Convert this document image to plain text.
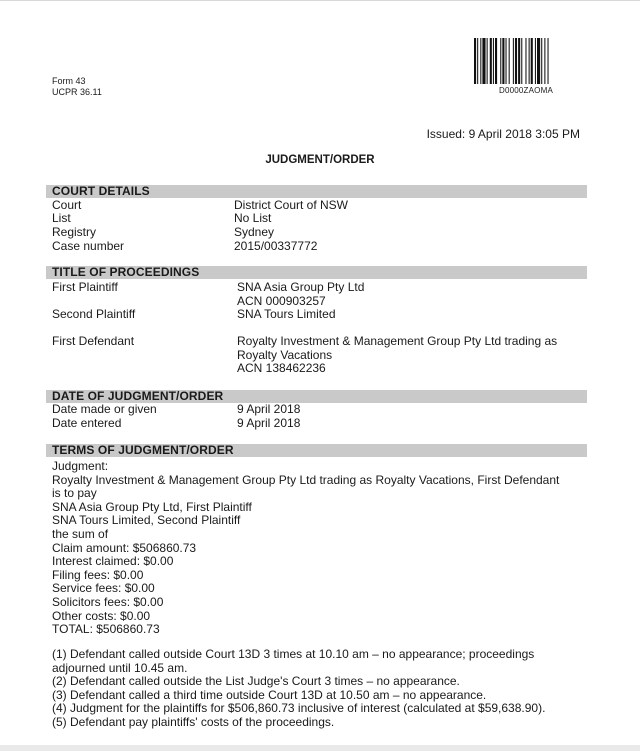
Form 43
UCPR 36.11	D0000ZAOMA
Issued: 9 April 2018 3:05 PM
JUDGMENT/ORDER
COURT DETAILS
Court	District Court of NSW
List	No List
Registry	Sydney
Case number	2015/00337772
TITLE OF PROCEEDINGS
First Plaintiff	SNA Asia Group Pty Ltd
ACN 000903257
Second Plaintiff	SNA Tours Limited
First Defendant	Royalty Investment & Management Group Pty Ltd trading as
Royalty Vacations
ACN 138462236
DATE OF JUDGMENT/ORDER
Date made or given	9 April 2018
Date entered	9 April 2018
TERMS OF JUDGMENT/ORDER
Judgment:
Royalty Investment & Management Group Pty Ltd trading as Royalty Vacations, First Defendant
is to pay
SNA Asia Group Pty Ltd, First Plaintiff
SNA Tours Limited, Second Plaintiff
the sum of
Claim amount: $506860.73
Interest claimed: $0.00
Filing fees: $0.00
Service fees: $0.00
Solicitors fees: $0.00
Other costs: $0.00
TOTAL: $506860.73
(1) Defendant called outside Court 13D 3 times at 10.10 am – no appearance; proceedings adjourned until 10.45 am.
(2) Defendant called outside the List Judge's Court 3 times – no appearance.
(3) Defendant called a third time outside Court 13D at 10.50 am – no appearance.
(4) Judgment for the plaintiffs for $506,860.73 inclusive of interest (calculated at $59,638.90).
(5) Defendant pay plaintiffs' costs of the proceedings.
